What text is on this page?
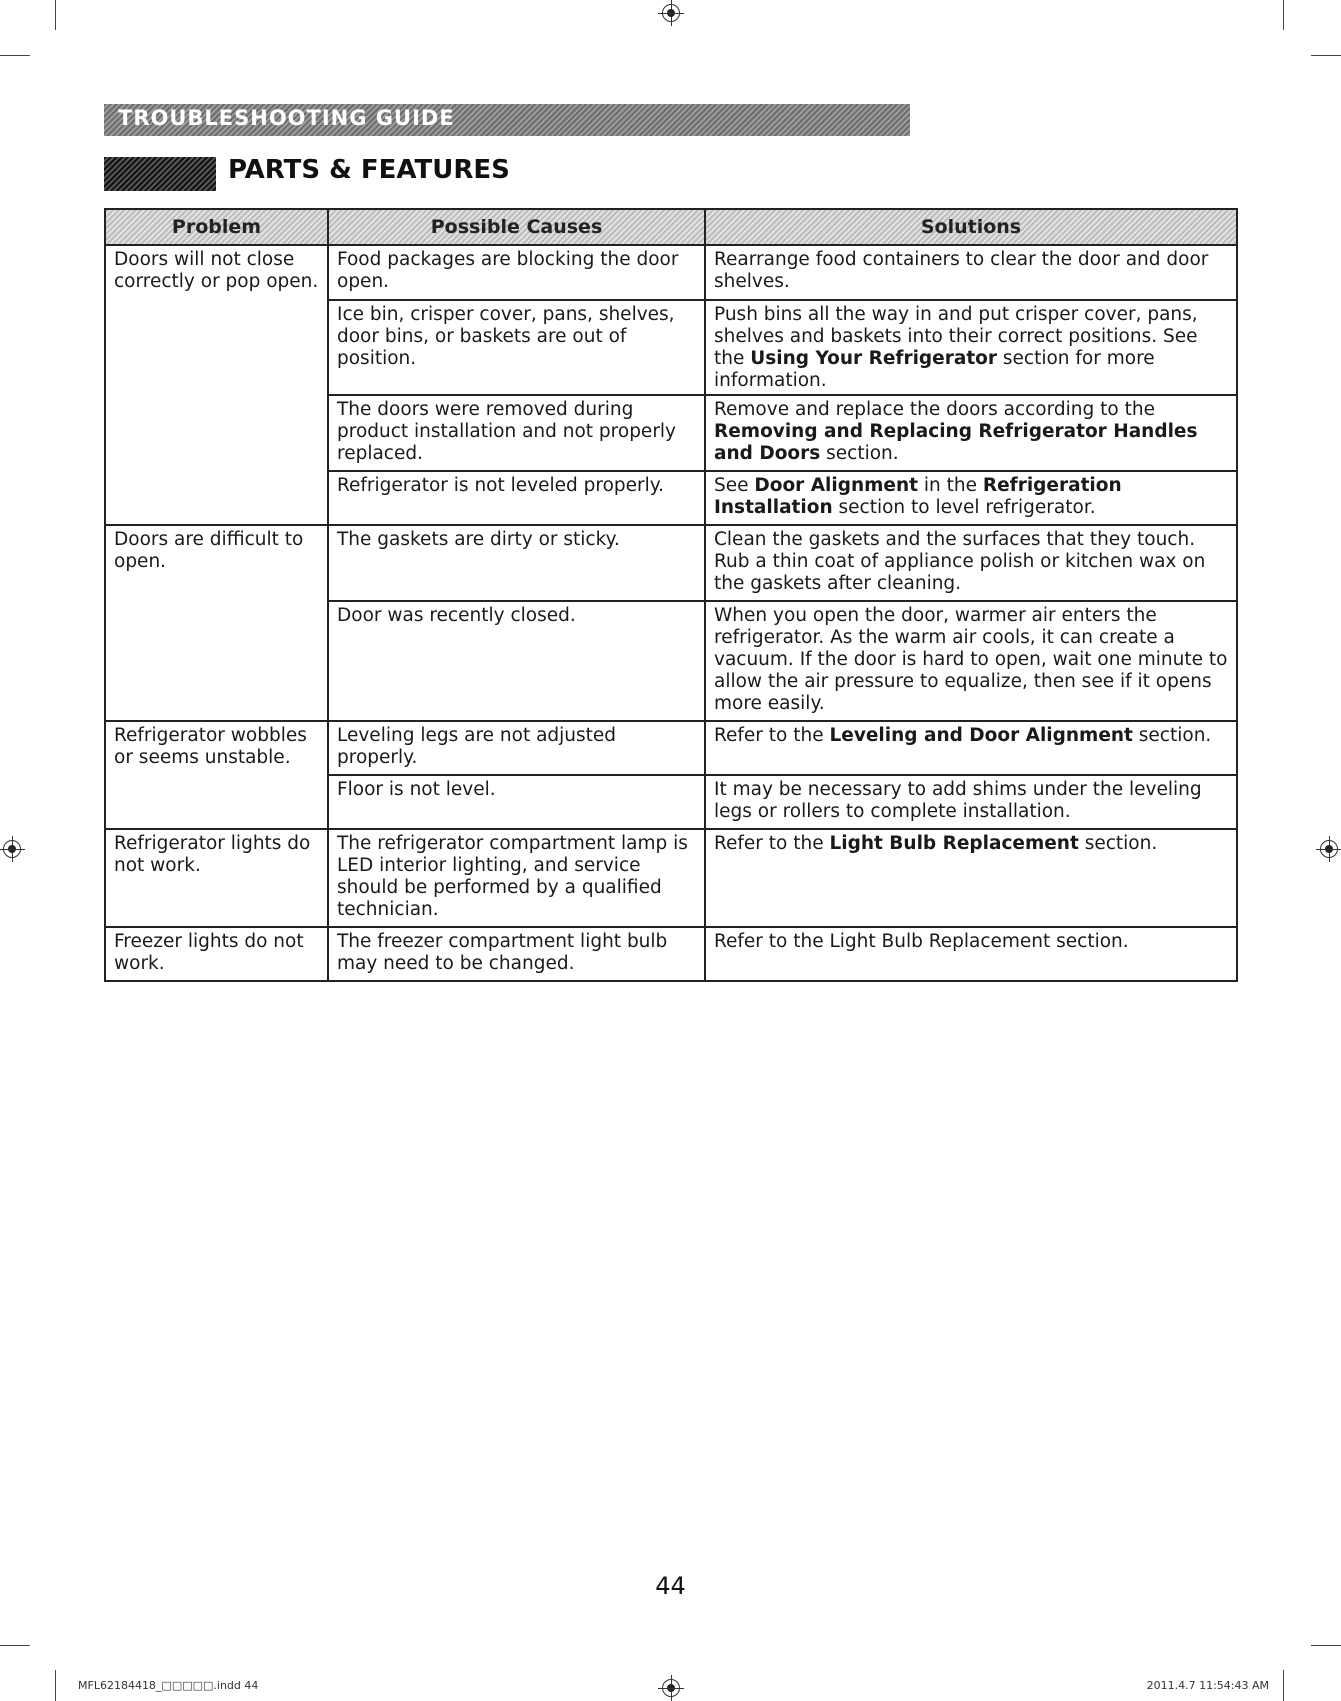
TROUBLESHOOTING GUIDE
PARTS & FEATURES
Problem	Possible Causes	Solutions
Doors will not close correctly or pop open.	Food packages are blocking the door open.	Rearrange food containers to clear the door and door shelves.
	Ice bin, crisper cover, pans, shelves, door bins, or baskets are out of position.	Push bins all the way in and put crisper cover, pans, shelves and baskets into their correct positions. See the Using Your Refrigerator section for more information.
	The doors were removed during product installation and not properly replaced.	Remove and replace the doors according to the Removing and Replacing Refrigerator Handles and Doors section.
	Refrigerator is not leveled properly.	See Door Alignment in the Refrigeration Installation section to level refrigerator.
Doors are difficult to open.	The gaskets are dirty or sticky.	Clean the gaskets and the surfaces that they touch. Rub a thin coat of appliance polish or kitchen wax on the gaskets after cleaning.
	Door was recently closed.	When you open the door, warmer air enters the refrigerator. As the warm air cools, it can create a vacuum. If the door is hard to open, wait one minute to allow the air pressure to equalize, then see if it opens more easily.
Refrigerator wobbles or seems unstable.	Leveling legs are not adjusted properly.	Refer to the Leveling and Door Alignment section.
	Floor is not level.	It may be necessary to add shims under the leveling legs or rollers to complete installation.
Refrigerator lights do not work.	The refrigerator compartment lamp is LED interior lighting, and service should be performed by a qualified technician.	Refer to the Light Bulb Replacement section.
Freezer lights do not work.	The freezer compartment light bulb may need to be changed.	Refer to the Light Bulb Replacement section.
44
MFL62184418_□□□□□.indd 44	2011.4.7 11:54:43 AM
